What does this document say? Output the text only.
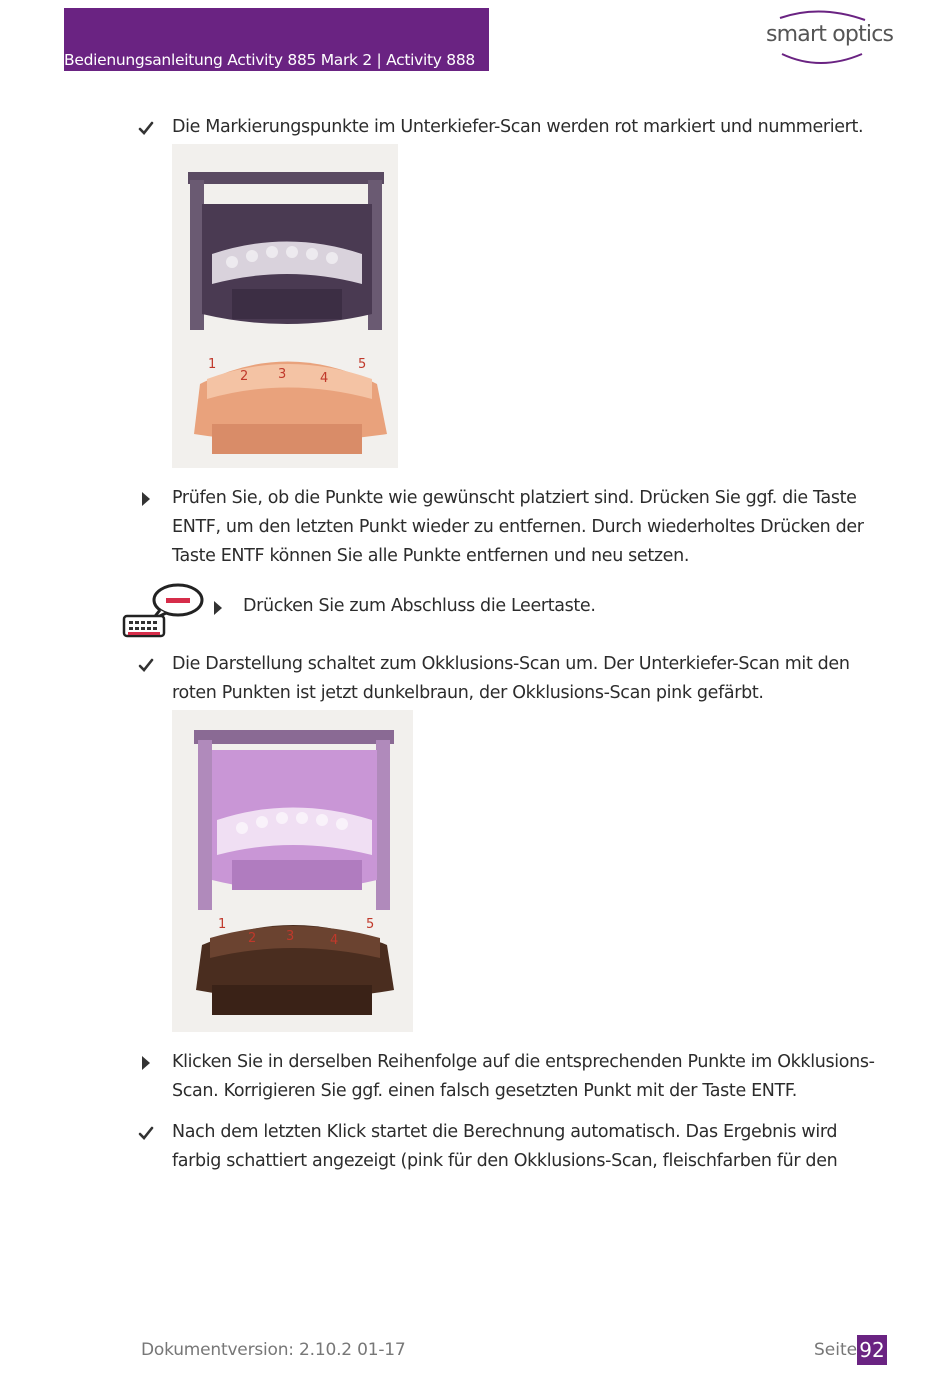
Bedienungsanleitung Activity 885 Mark 2 | Activity 888
smart optics
Die Markierungspunkte im Unterkiefer-Scan werden rot markiert und nummeriert.
1
2 3	4
5
Prüfen Sie, ob die Punkte wie gewünscht platziert sind. Drücken Sie ggf. die Taste ENTF, um den letzten Punkt wieder zu entfernen. Durch wiederholtes Drücken der Taste ENTF können Sie alle Punkte entfernen und neu setzen.
Drücken Sie zum Abschluss die Leertaste.
Die Darstellung schaltet zum Okklusions-Scan um. Der Unterkiefer-Scan mit den roten Punkten ist jetzt dunkelbraun, der Okklusions-Scan pink gefärbt.
1
2 3	4
5
Klicken Sie in derselben Reihenfolge auf die entsprechenden Punkte im Okklusions-Scan. Korrigieren Sie ggf. einen falsch gesetzten Punkt mit der Taste ENTF.
Nach dem letzten Klick startet die Berechnung automatisch. Das Ergebnis wird farbig schattiert angezeigt (pink für den Okklusions-Scan, fleischfarben für den
Dokumentversion: 2.10.2 01-17	Seite 92
